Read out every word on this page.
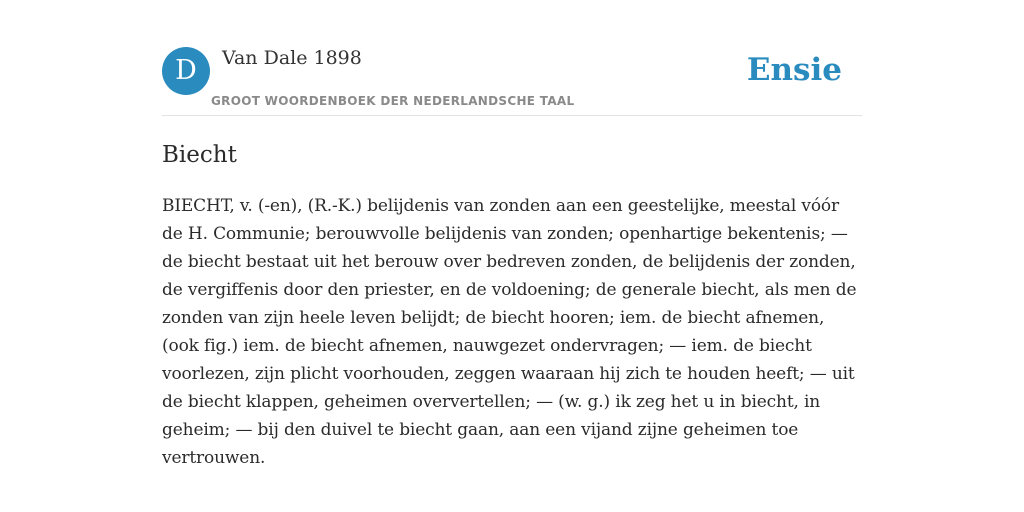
D	Van Dale 1898
GROOT WOORDENBOEK DER NEDERLANDSCHE TAAL
Ensie
Biecht

BIECHT, v. (-en), (R.-K.) belijdenis van zonden aan een geestelijke, meestal vóór de H. Communie; berouwvolle belijdenis van zonden; openhartige bekentenis; — de biecht bestaat uit het berouw over bedreven zonden, de belijdenis der zonden, de vergiffenis door den priester, en de voldoening; de generale biecht, als men de zonden van zijn heele leven belijdt; de biecht hooren; iem. de biecht afnemen, (ook fig.) iem. de biecht afnemen, nauwgezet ondervragen; — iem. de biecht voorlezen, zijn plicht voorhouden, zeggen waaraan hij zich te houden heeft; — uit de biecht klappen, geheimen oververtellen; — (w. g.) ik zeg het u in biecht, in geheim; — bij den duivel te biecht gaan, aan een vijand zijne geheimen toe vertrouwen.
